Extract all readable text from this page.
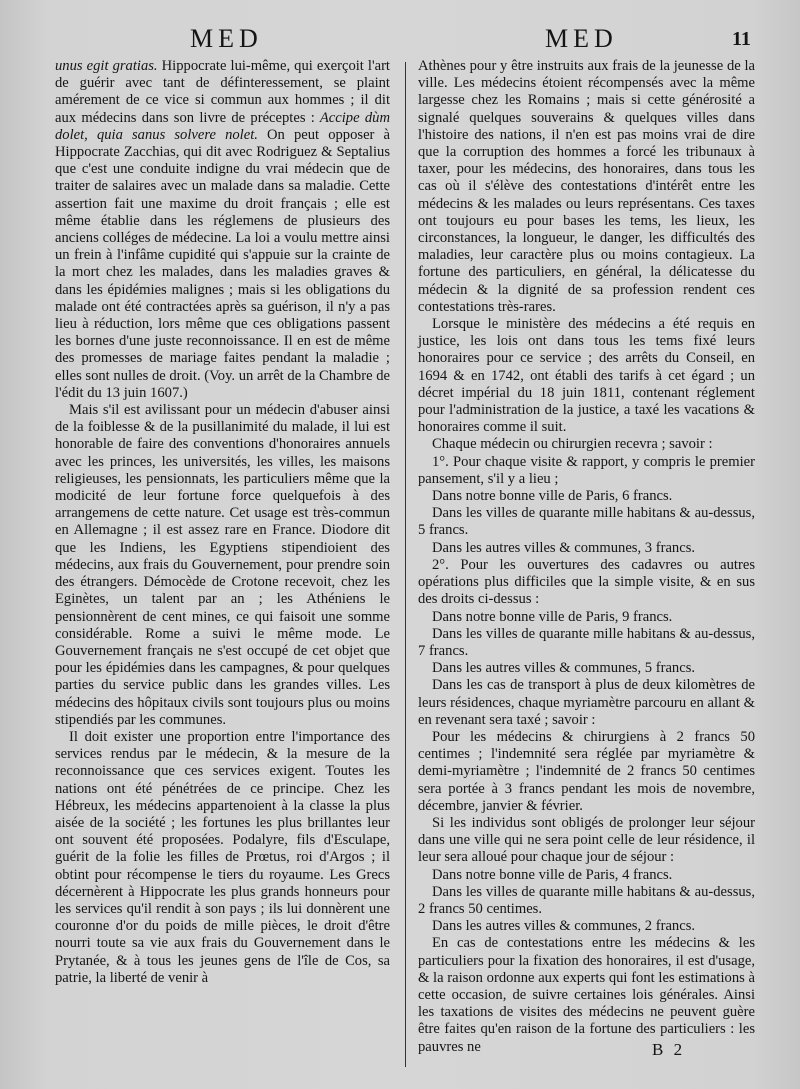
MED	MED	11

unus egit gratias. Hippocrate lui-même, qui exerçoit l'art de guérir avec tant de définteressement, se plaint amérement de ce vice si commun aux hommes ; il dit aux médecins dans son livre de préceptes : Accipe dùm dolet, quia sanus solvere nolet. On peut opposer à Hippocrate Zacchias, qui dit avec Rodriguez & Septalius que c'est une conduite indigne du vrai médecin que de traiter de salaires avec un malade dans sa maladie. Cette assertion fait une maxime du droit français ; elle est même établie dans les réglemens de plusieurs des anciens colléges de médecine. La loi a voulu mettre ainsi un frein à l'infâme cupidité qui s'appuie sur la crainte de la mort chez les malades, dans les maladies graves & dans les épidémies malignes ; mais si les obligations du malade ont été contractées après sa guérison, il n'y a pas lieu à réduction, lors même que ces obligations passent les bornes d'une juste reconnoissance. Il en est de même des promesses de mariage faites pendant la maladie ; elles sont nulles de droit. (Voy. un arrêt de la Chambre de l'édit du 13 juin 1607.)

Mais s'il est avilissant pour un médecin d'abuser ainsi de la foiblesse & de la pusillanimité du malade, il lui est honorable de faire des conventions d'honoraires annuels avec les princes, les universités, les villes, les maisons religieuses, les pensionnats, les particuliers même que la modicité de leur fortune force quelquefois à des arrangemens de cette nature. Cet usage est très-commun en Allemagne ; il est assez rare en France. Diodore dit que les Indiens, les Egyptiens stipendioient des médecins, aux frais du Gouvernement, pour prendre soin des étrangers. Démocède de Crotone recevoit, chez les Eginètes, un talent par an ; les Athéniens le pensionnèrent de cent mines, ce qui faisoit une somme considérable. Rome a suivi le même mode. Le Gouvernement français ne s'est occupé de cet objet que pour les épidémies dans les campagnes, & pour quelques parties du service public dans les grandes villes. Les médecins des hôpitaux civils sont toujours plus ou moins stipendiés par les communes.

Il doit exister une proportion entre l'importance des services rendus par le médecin, & la mesure de la reconnoissance que ces services exigent. Toutes les nations ont été pénétrées de ce principe. Chez les Hébreux, les médecins appartenoient à la classe la plus aisée de la société ; les fortunes les plus brillantes leur ont souvent été proposées. Podalyre, fils d'Esculape, guérit de la folie les filles de Prœtus, roi d'Argos ; il obtint pour récompense le tiers du royaume. Les Grecs décernèrent à Hippocrate les plus grands honneurs pour les services qu'il rendit à son pays ; ils lui donnèrent une couronne d'or du poids de mille pièces, le droit d'être nourri toute sa vie aux frais du Gouvernement dans le Prytanée, & à tous les jeunes gens de l'île de Cos, sa patrie, la liberté de venir à

Athènes pour y être instruits aux frais de la jeunesse de la ville. Les médecins étoient récompensés avec la même largesse chez les Romains ; mais si cette générosité a signalé quelques souverains & quelques villes dans l'histoire des nations, il n'en est pas moins vrai de dire que la corruption des hommes a forcé les tribunaux à taxer, pour les médecins, des honoraires, dans tous les cas où il s'élève des contestations d'intérêt entre les médecins & les malades ou leurs représentans. Ces taxes ont toujours eu pour bases les tems, les lieux, les circonstances, la longueur, le danger, les difficultés des maladies, leur caractère plus ou moins contagieux. La fortune des particuliers, en général, la délicatesse du médecin & la dignité de sa profession rendent ces contestations très-rares.

Lorsque le ministère des médecins a été requis en justice, les lois ont dans tous les tems fixé leurs honoraires pour ce service ; des arrêts du Conseil, en 1694 & en 1742, ont établi des tarifs à cet égard ; un décret impérial du 18 juin 1811, contenant réglement pour l'administration de la justice, a taxé les vacations & honoraires comme il suit.

Chaque médecin ou chirurgien recevra ; savoir :

1°. Pour chaque visite & rapport, y compris le premier pansement, s'il y a lieu ;

Dans notre bonne ville de Paris, 6 francs.

Dans les villes de quarante mille habitans & au-dessus, 5 francs.

Dans les autres villes & communes, 3 francs.

2°. Pour les ouvertures des cadavres ou autres opérations plus difficiles que la simple visite, & en sus des droits ci-dessus :

Dans notre bonne ville de Paris, 9 francs.

Dans les villes de quarante mille habitans & au-dessus, 7 francs.

Dans les autres villes & communes, 5 francs.

Dans les cas de transport à plus de deux kilomètres de leurs résidences, chaque myriamètre parcouru en allant & en revenant sera taxé ; savoir :

Pour les médecins & chirurgiens à 2 francs 50 centimes ; l'indemnité sera réglée par myriamètre & demi-myriamètre ; l'indemnité de 2 francs 50 centimes sera portée à 3 francs pendant les mois de novembre, décembre, janvier & février.

Si les individus sont obligés de prolonger leur séjour dans une ville qui ne sera point celle de leur résidence, il leur sera alloué pour chaque jour de séjour :

Dans notre bonne ville de Paris, 4 francs.

Dans les villes de quarante mille habitans & au-dessus, 2 francs 50 centimes.

Dans les autres villes & communes, 2 francs.

En cas de contestations entre les médecins & les particuliers pour la fixation des honoraires, il est d'usage, & la raison ordonne aux experts qui font les estimations à cette occasion, de suivre certaines lois générales. Ainsi les taxations de visites des médecins ne peuvent guère être faites qu'en raison de la fortune des particuliers : les pauvres ne	B 2
